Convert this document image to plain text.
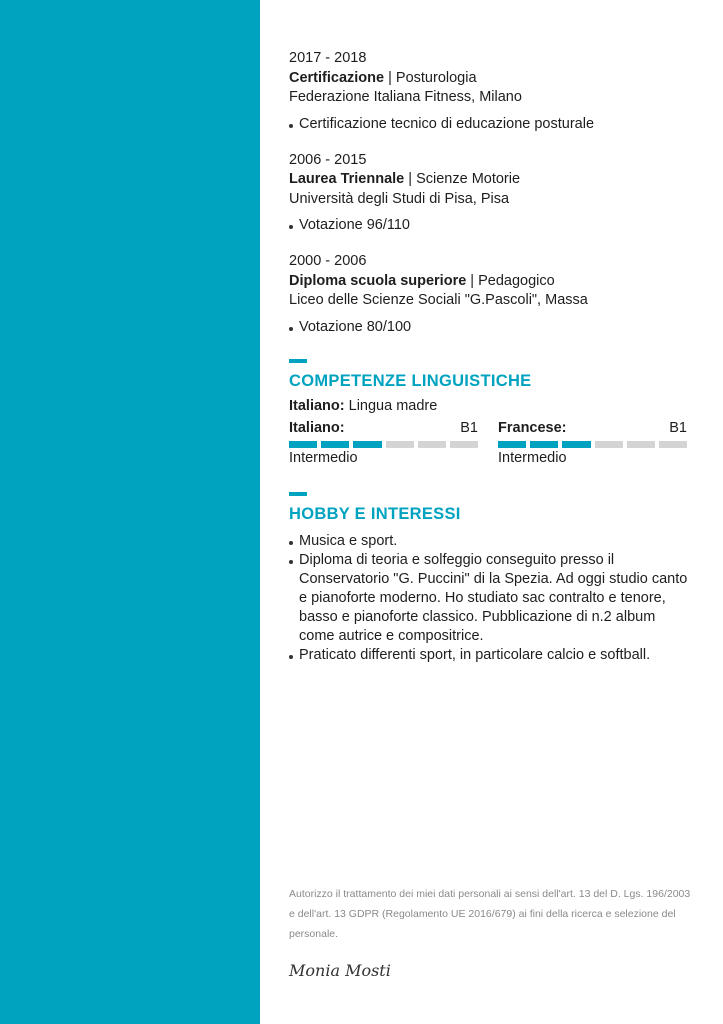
2017 - 2018
Certificazione | Posturologia
Federazione Italiana Fitness, Milano
Certificazione tecnico di educazione posturale
2006 - 2015
Laurea Triennale | Scienze Motorie
Università degli Studi di Pisa, Pisa
Votazione 96/110
2000 - 2006
Diploma scuola superiore | Pedagogico
Liceo delle Scienze Sociali "G.Pascoli", Massa
Votazione 80/100
COMPETENZE LINGUISTICHE
Italiano: Lingua madre
Italiano:	B1
Intermedio
Francese:	B1
Intermedio
HOBBY E INTERESSI
Musica e sport.
Diploma di teoria e solfeggio conseguito presso il Conservatorio "G. Puccini" di la Spezia. Ad oggi studio canto e pianoforte moderno. Ho studiato sac contralto e tenore, basso e pianoforte classico. Pubblicazione di n.2 album come autrice e compositrice.
Praticato differenti sport, in particolare calcio e softball.
Autorizzo il trattamento dei miei dati personali ai sensi dell'art. 13 del D. Lgs. 196/2003 e dell'art. 13 GDPR (Regolamento UE 2016/679) ai fini della ricerca e selezione del personale.
Monia Mosti
